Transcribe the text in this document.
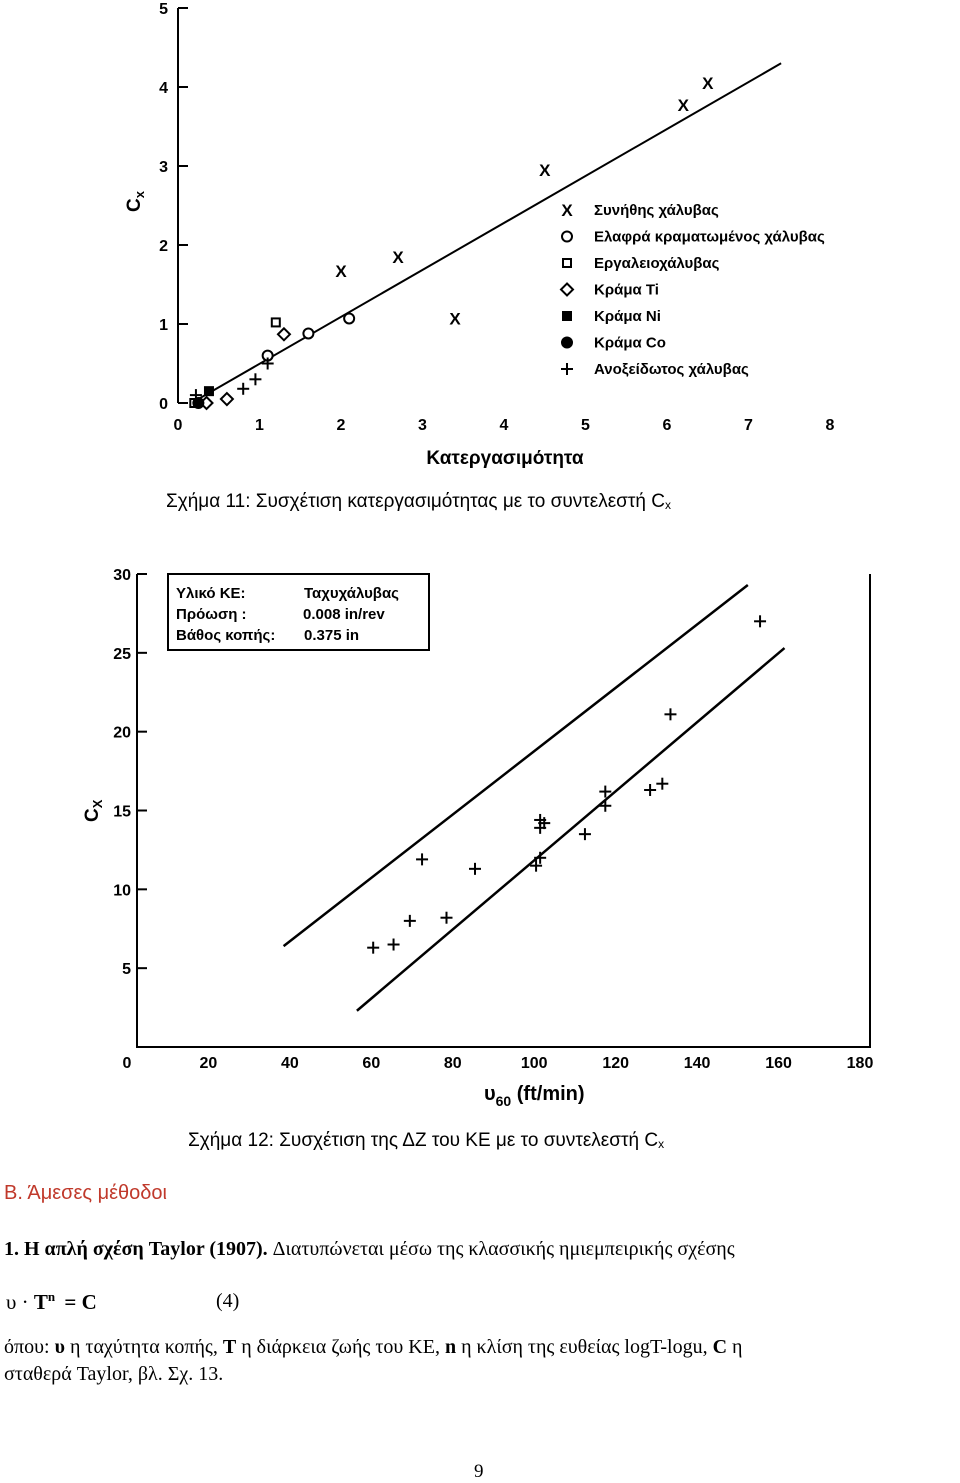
0
1
2
3
4
5
0	1	2	3	4	5	6	7	8
Κατεργασιμότητα
$C_x$
X
X
X
X
X
X
X Συνήθης χάλυβας
Ελαφρά κραματωμένος χάλυβας
Εργαλειοχάλυβας
Κράμα Ti
Κράμα Ni
Κράμα Co
Ανοξείδωτος χάλυβας
Σχήμα 11: Συσχέτιση κατεργασιμότητας με το συντελεστή $C_x$
5
10
15
20
25
30
0	20	40	60	80	100	120	140	160	180
$\upsilon_{60}$ (ft/min)
$C_X$
Υλικό ΚΕ:	Ταχυχάλυβας
Πρόωση :	0.008 in/rev
Βάθος κοπής: 0.375 in
Σχήμα 12: Συσχέτιση της ΔΖ του ΚΕ με το συντελεστή $C_x$
Β. Άμεσες μέθοδοι
1. Η απλή σχέση Taylor (1907). Διατυπώνεται μέσω της κλασσικής ημιεμπειρικής σχέσης
$\upsilon \cdot T^n = C$	(4)
όπου: υ η ταχύτητα κοπής, T η διάρκεια ζωής του ΚΕ, n η κλίση της ευθείας logT-logu, C η
σταθερά Taylor, βλ. Σχ. 13.
9
